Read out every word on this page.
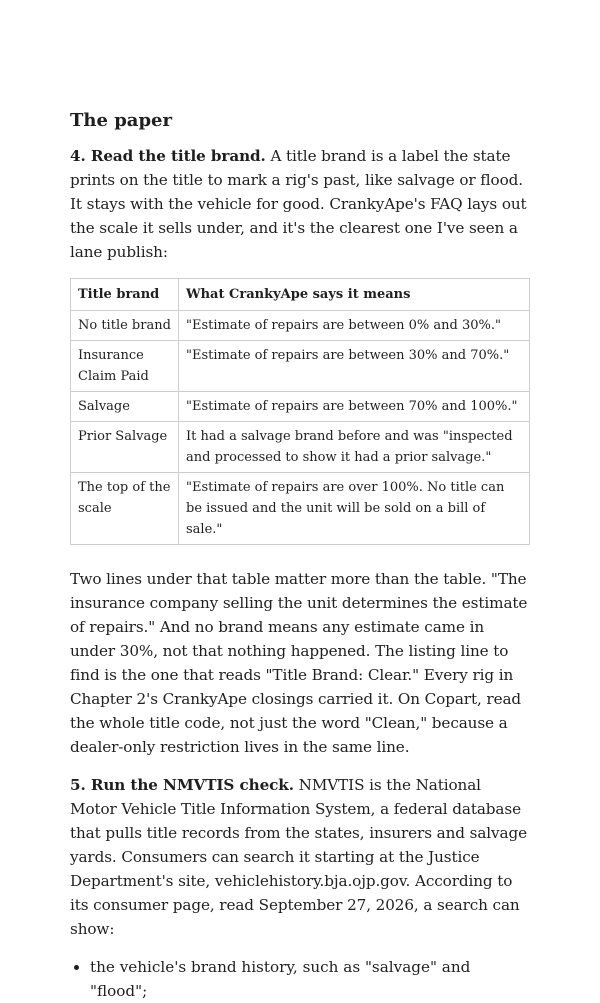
The paper

4. Read the title brand. A title brand is a label the state prints on the title to mark a rig's past, like salvage or flood. It stays with the vehicle for good. CrankyApe's FAQ lays out the scale it sells under, and it's the clearest one I've seen a lane publish:

Title brand	What CrankyApe says it means
No title brand	"Estimate of repairs are between 0% and 30%."
Insurance Claim Paid	"Estimate of repairs are between 30% and 70%."
Salvage	"Estimate of repairs are between 70% and 100%."
Prior Salvage	It had a salvage brand before and was "inspected and processed to show it had a prior salvage."
The top of the scale	"Estimate of repairs are over 100%. No title can be issued and the unit will be sold on a bill of sale."

Two lines under that table matter more than the table. "The insurance company selling the unit determines the estimate of repairs." And no brand means any estimate came in under 30%, not that nothing happened. The listing line to find is the one that reads "Title Brand: Clear." Every rig in Chapter 2's CrankyApe closings carried it. On Copart, read the whole title code, not just the word "Clean," because a dealer-only restriction lives in the same line.

5. Run the NMVTIS check. NMVTIS is the National Motor Vehicle Title Information System, a federal database that pulls title records from the states, insurers and salvage yards. Consumers can search it starting at the Justice Department's site, vehiclehistory.bja.ojp.gov. According to its consumer page, read September 27, 2026, a search can show:

• the vehicle's brand history, such as "salvage" and "flood";
